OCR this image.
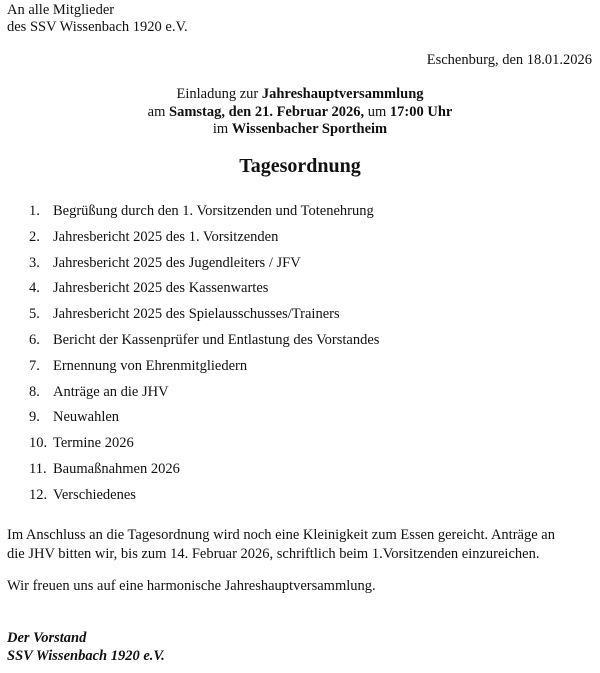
An alle Mitglieder
des SSV Wissenbach 1920 e.V.
Eschenburg, den 18.01.2026
Einladung zur Jahreshauptversammlung
am Samstag, den 21. Februar 2026, um 17:00 Uhr
im Wissenbacher Sportheim
Tagesordnung
1. Begrüßung durch den 1. Vorsitzenden und Totenehrung
2. Jahresbericht 2025 des 1. Vorsitzenden
3. Jahresbericht 2025 des Jugendleiters / JFV
4. Jahresbericht 2025 des Kassenwartes
5. Jahresbericht 2025 des Spielausschusses/Trainers
6. Bericht der Kassenprüfer und Entlastung des Vorstandes
7. Ernennung von Ehrenmitgliedern
8. Anträge an die JHV
9. Neuwahlen
10. Termine 2026
11. Baumaßnahmen 2026
12. Verschiedenes
Im Anschluss an die Tagesordnung wird noch eine Kleinigkeit zum Essen gereicht. Anträge an
die JHV bitten wir, bis zum 14. Februar 2026, schriftlich beim 1.Vorsitzenden einzureichen.
Wir freuen uns auf eine harmonische Jahreshauptversammlung.
Der Vorstand
SSV Wissenbach 1920 e.V.
